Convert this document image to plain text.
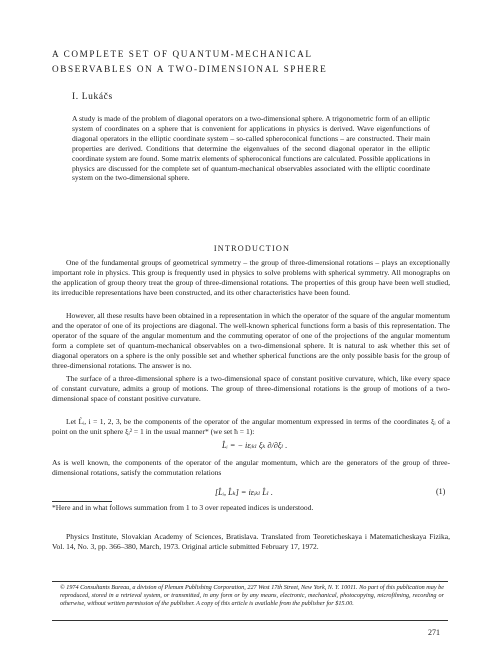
A COMPLETE SET OF QUANTUM-MECHANICAL
OBSERVABLES ON A TWO-DIMENSIONAL SPHERE
I. Lukáčs
A study is made of the problem of diagonal operators on a two-dimensional sphere. A trigonometric form of an elliptic system of coordinates on a sphere that is convenient for applications in physics is derived. Wave eigenfunctions of diagonal operators in the elliptic coordinate system – so-called spheroconical functions – are constructed. Their main properties are derived. Conditions that determine the eigenvalues of the second diagonal operator in the elliptic coordinate system are found. Some matrix elements of spheroconical functions are calculated. Possible applications in physics are discussed for the complete set of quantum-mechanical observables associated with the elliptic coordinate system on the two-dimensional sphere.
INTRODUCTION
One of the fundamental groups of geometrical symmetry – the group of three-dimensional rotations – plays an exceptionally important role in physics. This group is frequently used in physics to solve problems with spherical symmetry. All monographs on the application of group theory treat the group of three-dimensional rotations. The properties of this group have been well studied, its irreducible representations have been constructed, and its other characteristics have been found.
However, all these results have been obtained in a representation in which the operator of the square of the angular momentum and the operator of one of its projections are diagonal. The well-known spherical functions form a basis of this representation. The operator of the square of the angular momentum and the commuting operator of one of the projections of the angular momentum form a complete set of quantum-mechanical observables on a two-dimensional sphere. It is natural to ask whether this set of diagonal operators on a sphere is the only possible set and whether spherical functions are the only possible basis for the group of three-dimensional rotations. The answer is no.
The surface of a three-dimensional sphere is a two-dimensional space of constant positive curvature, which, like every space of constant curvature, admits a group of motions. The group of three-dimensional rotations is the group of motions of a two-dimensional space of constant positive curvature.
Let L̂ᵢ, i = 1, 2, 3, be the components of the operator of the angular momentum expressed in terms of the coordinates ξᵢ of a point on the unit sphere ξᵢ² = 1 in the usual manner* (we set ħ = 1):
L̂ᵢ = − iεᵢₖₗ ξₖ ∂/∂ξₗ .
As is well known, the components of the operator of the angular momentum, which are the generators of the group of three-dimensional rotations, satisfy the commutation relations
[L̂ᵢ, L̂ₖ] = iεᵢₖₗ L̂ₗ .	(1)
*Here and in what follows summation from 1 to 3 over repeated indices is understood.
Physics Institute, Slovakian Academy of Sciences, Bratislava. Translated from Teoreticheskaya i Matematicheskaya Fizika, Vol. 14, No. 3, pp. 366–380, March, 1973. Original article submitted February 17, 1972.
© 1974 Consultants Bureau, a division of Plenum Publishing Corporation, 227 West 17th Street, New York, N. Y. 10011. No part of this publication may be reproduced, stored in a retrieval system, or transmitted, in any form or by any means, electronic, mechanical, photocopying, microfilming, recording or otherwise, without written permission of the publisher. A copy of this article is available from the publisher for $15.00.
271
